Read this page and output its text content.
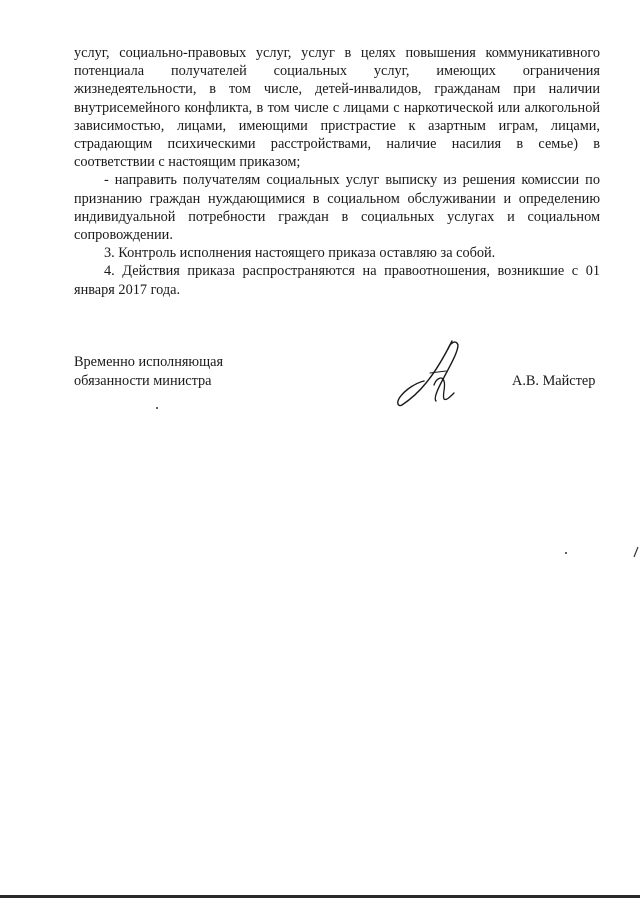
услуг, социально-правовых услуг, услуг в целях повышения коммуникативного потенциала получателей социальных услуг, имеющих ограничения жизнедеятельности, в том числе, детей-инвалидов, гражданам при наличии внутрисемейного конфликта, в том числе с лицами с наркотической или алкогольной зависимостью, лицами, имеющими пристрастие к азартным играм, лицами, страдающим психическими расстройствами, наличие насилия в семье) в соответствии с настоящим приказом;

- направить получателям социальных услуг выписку из решения комиссии по признанию граждан нуждающимися в социальном обслуживании и определению индивидуальной потребности граждан в социальных услугах и социальном сопровождении.

3. Контроль исполнения настоящего приказа оставляю за собой.

4. Действия приказа распространяются на правоотношения, возникшие с 01 января 2017 года.

Временно исполняющая
обязанности министра	А.В. Майстер
